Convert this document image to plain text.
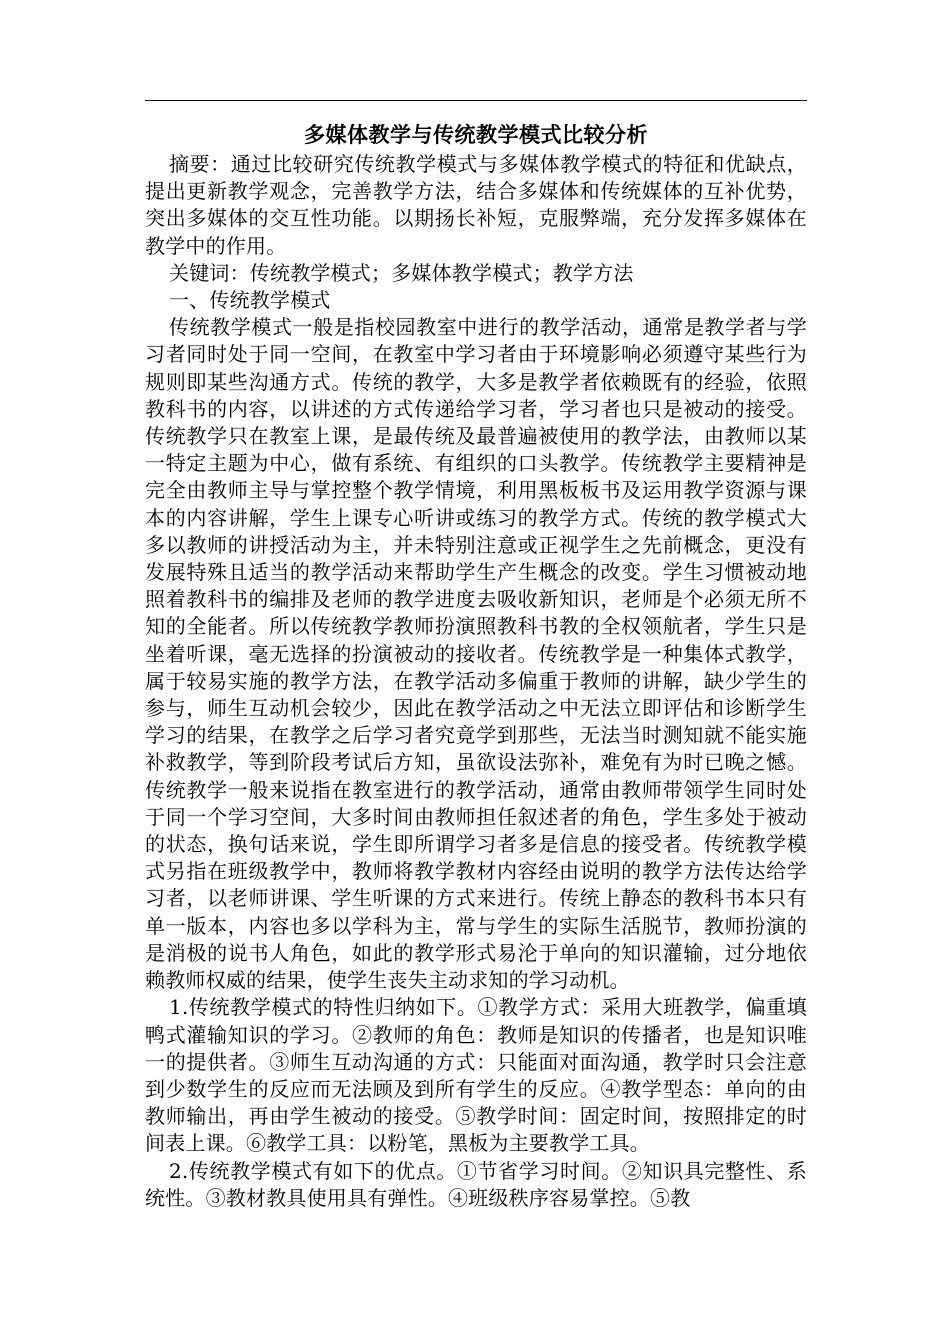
多媒体教学与传统教学模式比较分析

摘要：通过比较研究传统教学模式与多媒体教学模式的特征和优缺点，提出更新教学观念，完善教学方法，结合多媒体和传统媒体的互补优势，突出多媒体的交互性功能。以期扬长补短，克服弊端，充分发挥多媒体在教学中的作用。

关键词：传统教学模式；多媒体教学模式；教学方法

一、传统教学模式

传统教学模式一般是指校园教室中进行的教学活动，通常是教学者与学习者同时处于同一空间，在教室中学习者由于环境影响必须遵守某些行为规则即某些沟通方式。传统的教学，大多是教学者依赖既有的经验，依照教科书的内容，以讲述的方式传递给学习者，学习者也只是被动的接受。传统教学只在教室上课，是最传统及最普遍被使用的教学法，由教师以某一特定主题为中心，做有系统、有组织的口头教学。传统教学主要精神是完全由教师主导与掌控整个教学情境，利用黑板板书及运用教学资源与课本的内容讲解，学生上课专心听讲或练习的教学方式。传统的教学模式大多以教师的讲授活动为主，并未特别注意或正视学生之先前概念，更没有发展特殊且适当的教学活动来帮助学生产生概念的改变。学生习惯被动地照着教科书的编排及老师的教学进度去吸收新知识，老师是个必须无所不知的全能者。所以传统教学教师扮演照教科书教的全权领航者，学生只是坐着听课，毫无选择的扮演被动的接收者。传统教学是一种集体式教学，属于较易实施的教学方法，在教学活动多偏重于教师的讲解，缺少学生的参与，师生互动机会较少，因此在教学活动之中无法立即评估和诊断学生学习的结果，在教学之后学习者究竟学到那些，无法当时测知就不能实施补救教学，等到阶段考试后方知，虽欲设法弥补，难免有为时已晚之憾。传统教学一般来说指在教室进行的教学活动，通常由教师带领学生同时处于同一个学习空间，大多时间由教师担任叙述者的角色，学生多处于被动的状态，换句话来说，学生即所谓学习者多是信息的接受者。传统教学模式另指在班级教学中，教师将教学教材内容经由说明的教学方法传达给学习者，以老师讲课、学生听课的方式来进行。传统上静态的教科书本只有单一版本，内容也多以学科为主，常与学生的实际生活脱节，教师扮演的是消极的说书人角色，如此的教学形式易沦于单向的知识灌输，过分地依赖教师权威的结果，使学生丧失主动求知的学习动机。

1.传统教学模式的特性归纳如下。①教学方式：采用大班教学，偏重填鸭式灌输知识的学习。②教师的角色：教师是知识的传播者，也是知识唯一的提供者。③师生互动沟通的方式：只能面对面沟通，教学时只会注意到少数学生的反应而无法顾及到所有学生的反应。④教学型态：单向的由教师输出，再由学生被动的接受。⑤教学时间：固定时间，按照排定的时间表上课。⑥教学工具：以粉笔，黑板为主要教学工具。

2.传统教学模式有如下的优点。①节省学习时间。②知识具完整性、系统性。③教材教具使用具有弹性。④班级秩序容易掌控。⑤教
